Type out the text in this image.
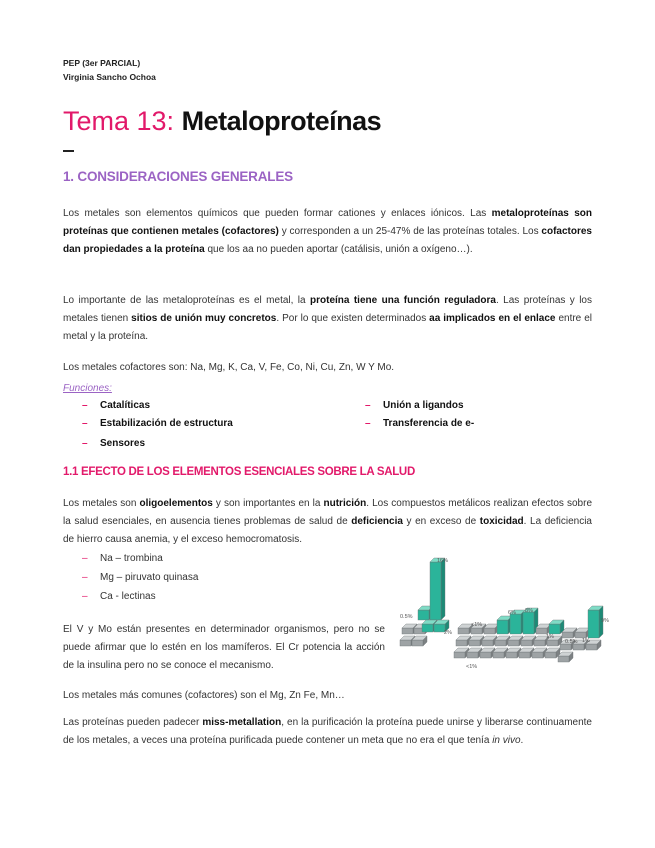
PEP (3er PARCIAL)
Virginia Sancho Ochoa
Tema 13: Metaloproteínas
1. CONSIDERACIONES GENERALES
Los metales son elementos químicos que pueden formar cationes y enlaces iónicos. Las metaloproteínas son proteínas que contienen metales (cofactores) y corresponden a un 25-47% de las proteínas totales. Los cofactores dan propiedades a la proteína que los aa no pueden aportar (catálisis, unión a oxígeno…).
Lo importante de las metaloproteínas es el metal, la proteína tiene una función reguladora. Las proteínas y los metales tienen sitios de unión muy concretos. Por lo que existen determinados aa implicados en el enlace entre el metal y la proteína.
Los metales cofactores son: Na, Mg, K, Ca, V, Fe, Co, Ni, Cu, Zn, W Y Mo.
Funciones:
– Catalíticas
– Estabilización de estructura
– Sensores
– Unión a ligandos
– Transferencia de e-
1.1 EFECTO DE LOS ELEMENTOS ESENCIALES SOBRE LA SALUD
Los metales son oligoelementos y son importantes en la nutrición. Los compuestos metálicos realizan efectos sobre la salud esenciales, en ausencia tienes problemas de salud de deficiencia y en exceso de toxicidad. La deficiencia de hierro causa anemia, y el exceso hemocromatosis.
– Na – trombina
– Mg – piruvato quinasa
– Ca - lectinas
El V y Mo están presentes en determinador organismos, pero no se puede afirmar que lo estén en los mamíferos. El Cr potencia la acción de la insulina pero no se conoce el mecanismo.
Los metales más comunes (cofactores) son el Mg, Zn Fe, Mn…
Las proteínas pueden padecer miss-metallation, en la purificación la proteína puede unirse y liberarse continuamente de los metales, a veces una proteína purificada puede contener un meta que no era el que tenía in vivo.
16%
0.5%
2%
<1%
6% 8%
1%
0.5% 1%
9%
<1%
